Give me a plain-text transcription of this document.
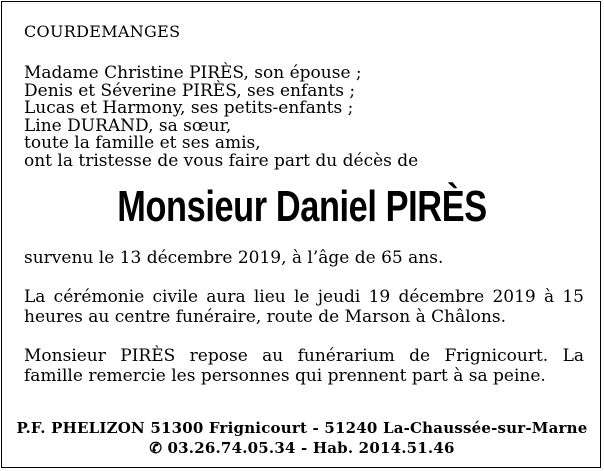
COURDEMANGES
Madame Christine PIRÈS, son épouse ;
Denis et Séverine PIRÈS, ses enfants ;
Lucas et Harmony, ses petits-enfants ;
Line DURAND, sa sœur,
toute la famille et ses amis,
ont la tristesse de vous faire part du décès de
Monsieur Daniel PIRÈS
survenu le 13 décembre 2019, à l’âge de 65 ans.
La cérémonie civile aura lieu le jeudi 19 décembre 2019 à 15 heures au centre funéraire, route de Marson à Châlons.
Monsieur PIRÈS repose au funérarium de Frignicourt. La famille remercie les personnes qui prennent part à sa peine.
P.F. PHELIZON 51300 Frignicourt - 51240 La-Chaussée-sur-Marne
✆ 03.26.74.05.34 - Hab. 2014.51.46
